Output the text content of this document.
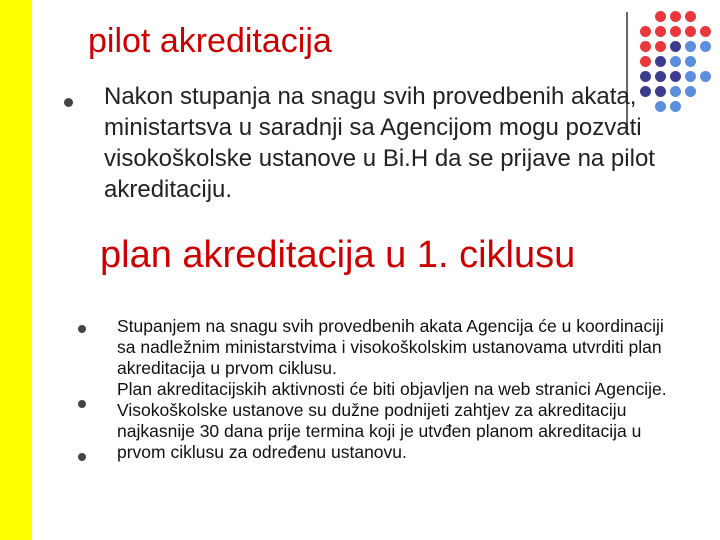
pilot akreditacija

Nakon stupanja na snagu svih provedbenih akata, ministartsva u saradnji sa Agencijom mogu pozvati visokoškolske ustanove u Bi.H da se prijave na pilot akreditaciju.

plan akreditacija u 1. ciklusu

Stupanjem na snagu svih provedbenih akata Agencija će u koordinaciji sa nadležnim ministarstvima i visokoškolskim ustanovama utvrditi plan akreditacija u prvom ciklusu.

Plan akreditacijskih aktivnosti će biti objavljen na web stranici Agencije.

Visokoškolske ustanove su dužne podnijeti zahtjev za akreditaciju najkasnije 30 dana prije termina koji je utvđen planom akreditacija u prvom ciklusu za određenu ustanovu.
